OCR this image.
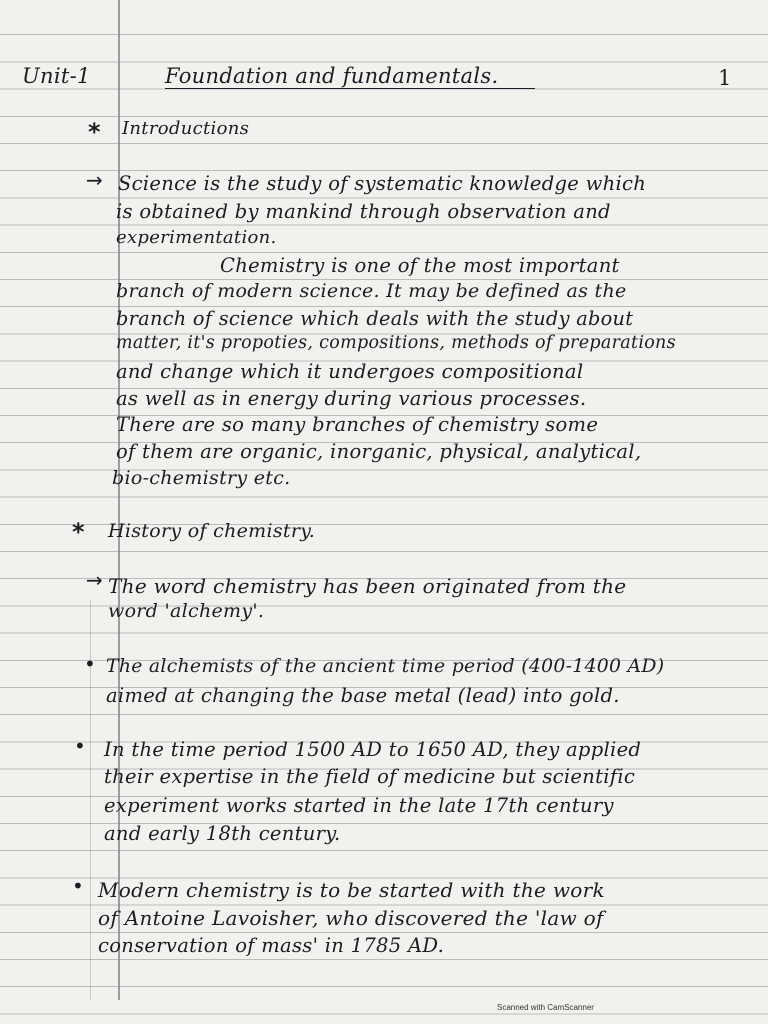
Unit-1	Foundation and fundamentals.	1
* Introductions
→ Science is the study of systematic knowledge which
is obtained by mankind through observation and
experimentation.
Chemistry is one of the most important
branch of modern science. It may be defined as the
branch of science which deals with the study about
matter, it's propoties, compositions, methods of preparations
and change which it undergoes compositional
as well as in energy during various processes.
There are so many branches of chemistry some
of them are organic, inorganic, physical, analytical,
bio-chemistry etc.
* History of chemistry.
→ The word chemistry has been originated from the
word 'alchemy'.
• The alchemists of the ancient time period (400-1400 AD)
aimed at changing the base metal (lead) into gold.
• In the time period 1500 AD to 1650 AD, they applied
their expertise in the field of medicine but scientific
experiment works started in the late 17th century
and early 18th century.
• Modern chemistry is to be started with the work
of Antoine Lavoisher, who discovered the 'law of
conservation of mass' in 1785 AD.
Scanned with CamScanner
